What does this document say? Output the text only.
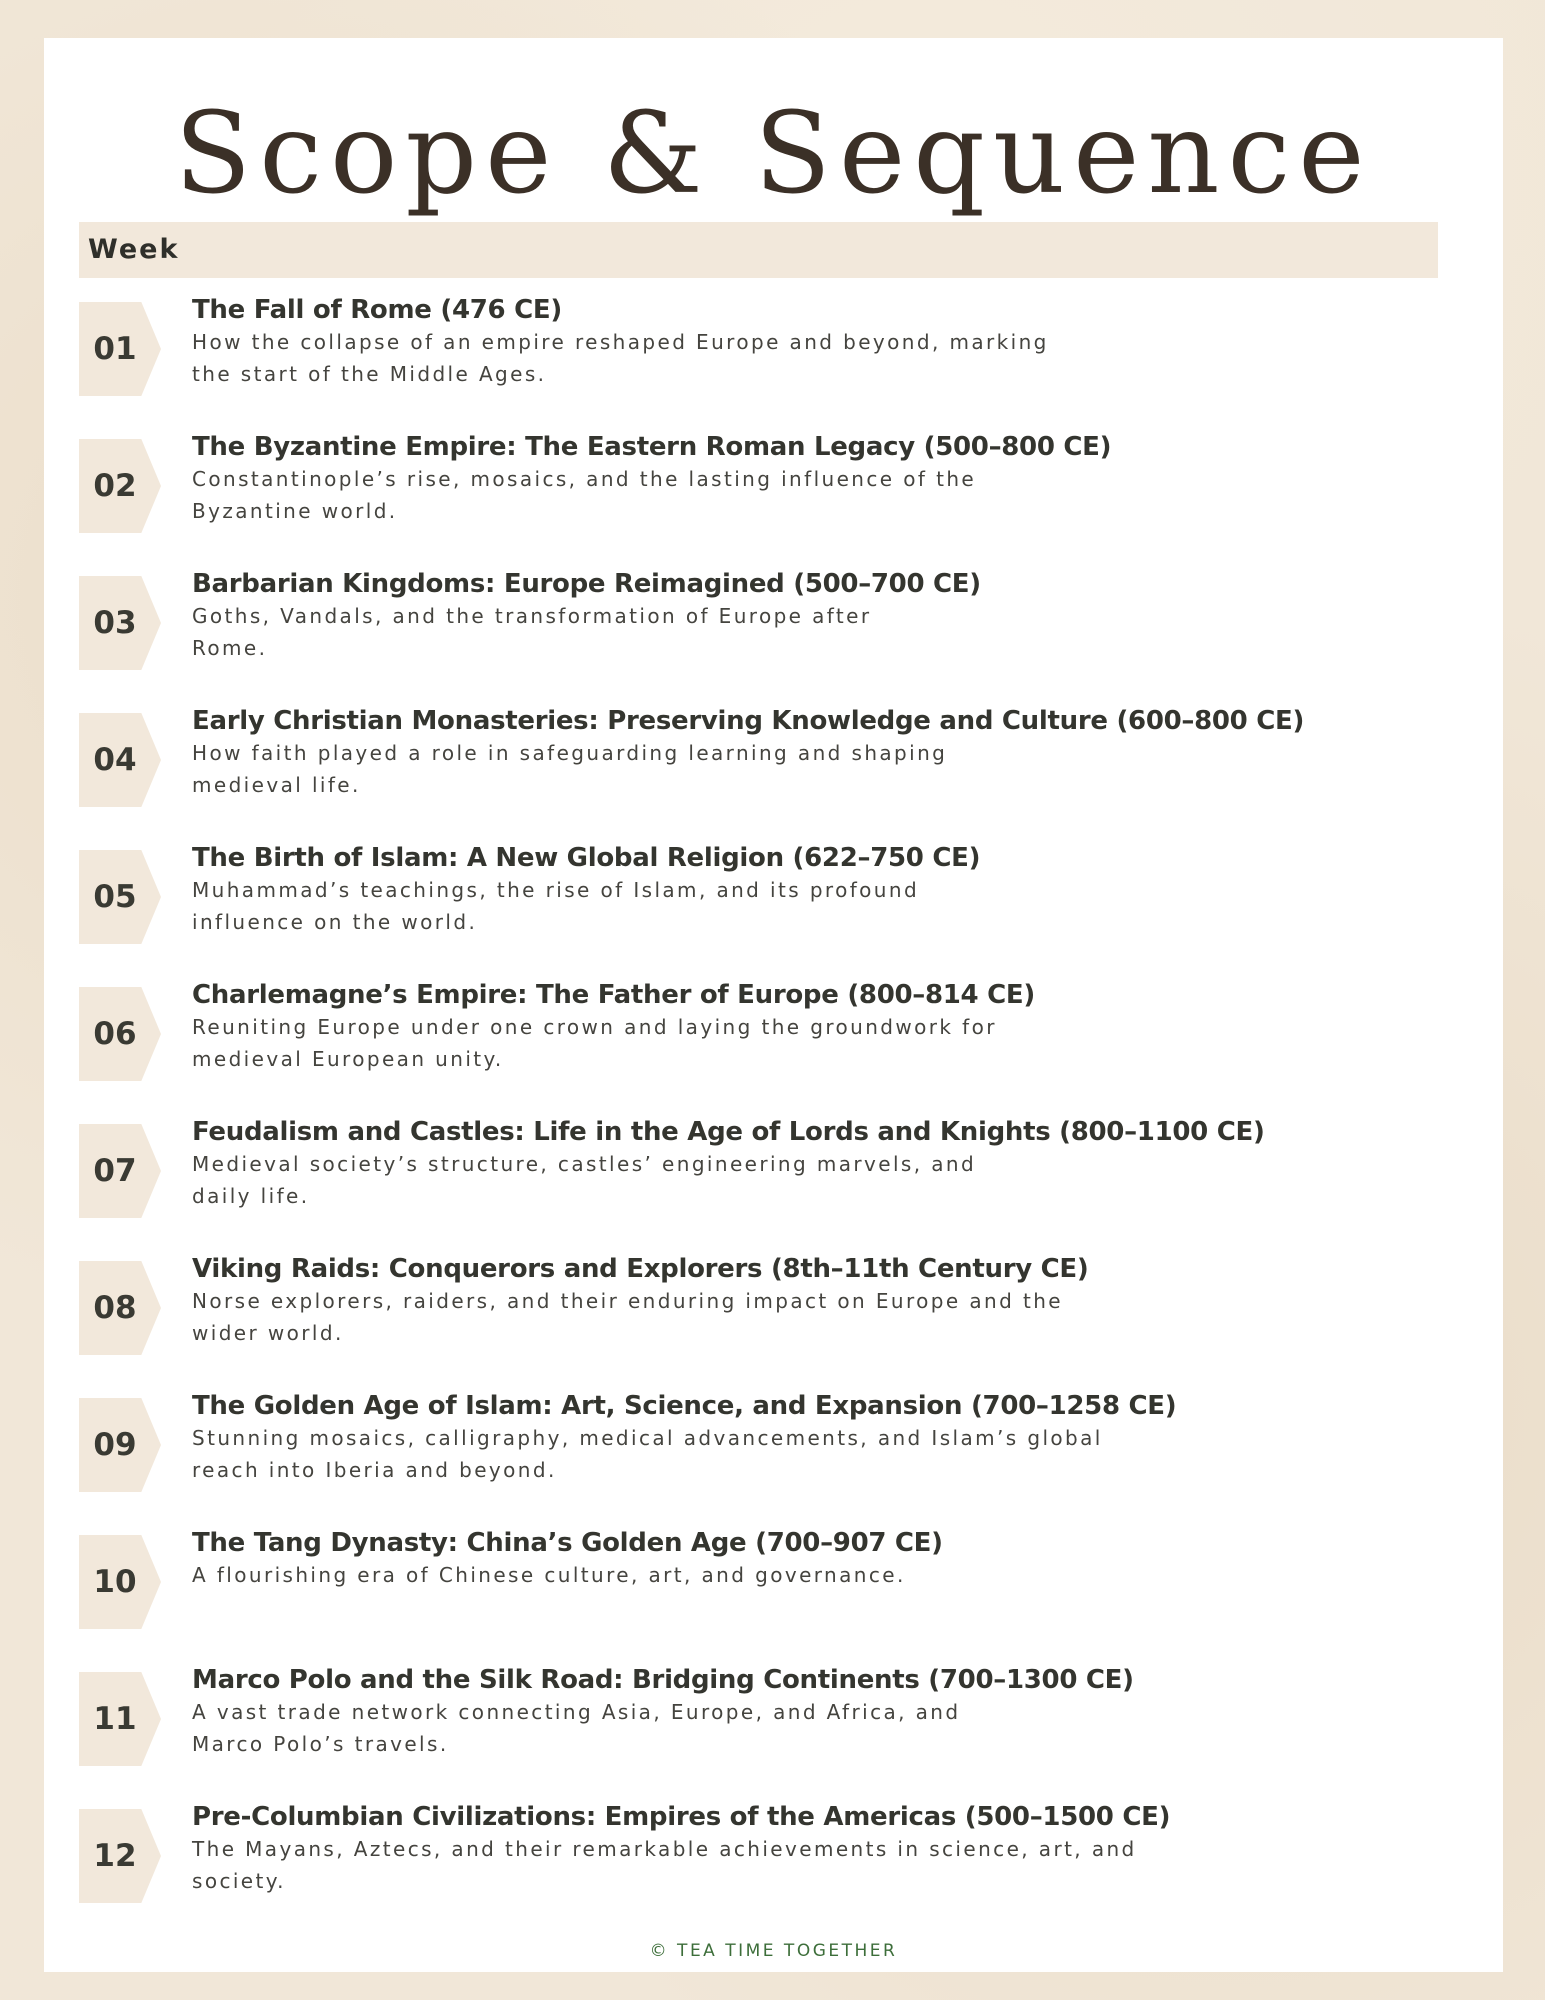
Scope & Sequence
Week
01
The Fall of Rome (476 CE)
How the collapse of an empire reshaped Europe and beyond, marking
the start of the Middle Ages.
02
The Byzantine Empire: The Eastern Roman Legacy (500–800 CE)
Constantinople’s rise, mosaics, and the lasting influence of the
Byzantine world.
03
Barbarian Kingdoms: Europe Reimagined (500–700 CE)
Goths, Vandals, and the transformation of Europe after
Rome.
04
Early Christian Monasteries: Preserving Knowledge and Culture (600–800 CE)
How faith played a role in safeguarding learning and shaping
medieval life.
05
The Birth of Islam: A New Global Religion (622–750 CE)
Muhammad’s teachings, the rise of Islam, and its profound
influence on the world.
06
Charlemagne’s Empire: The Father of Europe (800–814 CE)
Reuniting Europe under one crown and laying the groundwork for
medieval European unity.
07
Feudalism and Castles: Life in the Age of Lords and Knights (800–1100 CE)
Medieval society’s structure, castles’ engineering marvels, and
daily life.
08
Viking Raids: Conquerors and Explorers (8th–11th Century CE)
Norse explorers, raiders, and their enduring impact on Europe and the
wider world.
09
The Golden Age of Islam: Art, Science, and Expansion (700–1258 CE)
Stunning mosaics, calligraphy, medical advancements, and Islam’s global
reach into Iberia and beyond.
10
The Tang Dynasty: China’s Golden Age (700–907 CE)
A flourishing era of Chinese culture, art, and governance.
11
Marco Polo and the Silk Road: Bridging Continents (700–1300 CE)
A vast trade network connecting Asia, Europe, and Africa, and
Marco Polo’s travels.
12
Pre-Columbian Civilizations: Empires of the Americas (500–1500 CE)
The Mayans, Aztecs, and their remarkable achievements in science, art, and
society.
© TEA TIME TOGETHER
